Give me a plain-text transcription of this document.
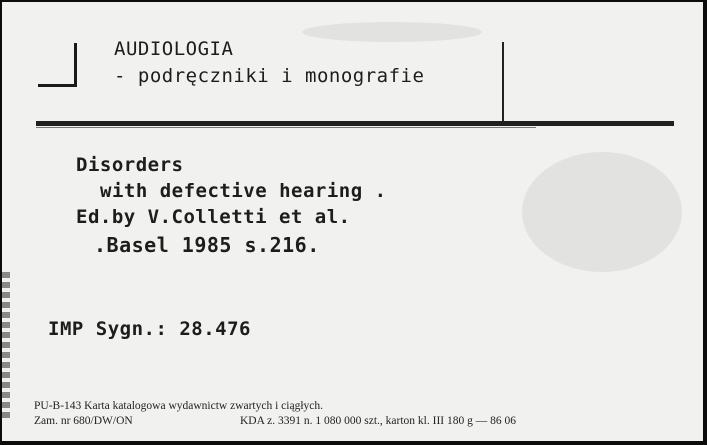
AUDIOLOGIA
- podręczniki i monografie
Disorders
with defective hearing .
Ed.by V.Colletti et al.
.Basel 1985 s.216.
IMP Sygn.: 28.476
PU-B-143 Karta katalogowa wydawnictw zwartych i ciągłych.
Zam. nr 680/DW/ON	KDA z. 3391 n. 1 080 000 szt., karton kl. III 180 g — 86 06
